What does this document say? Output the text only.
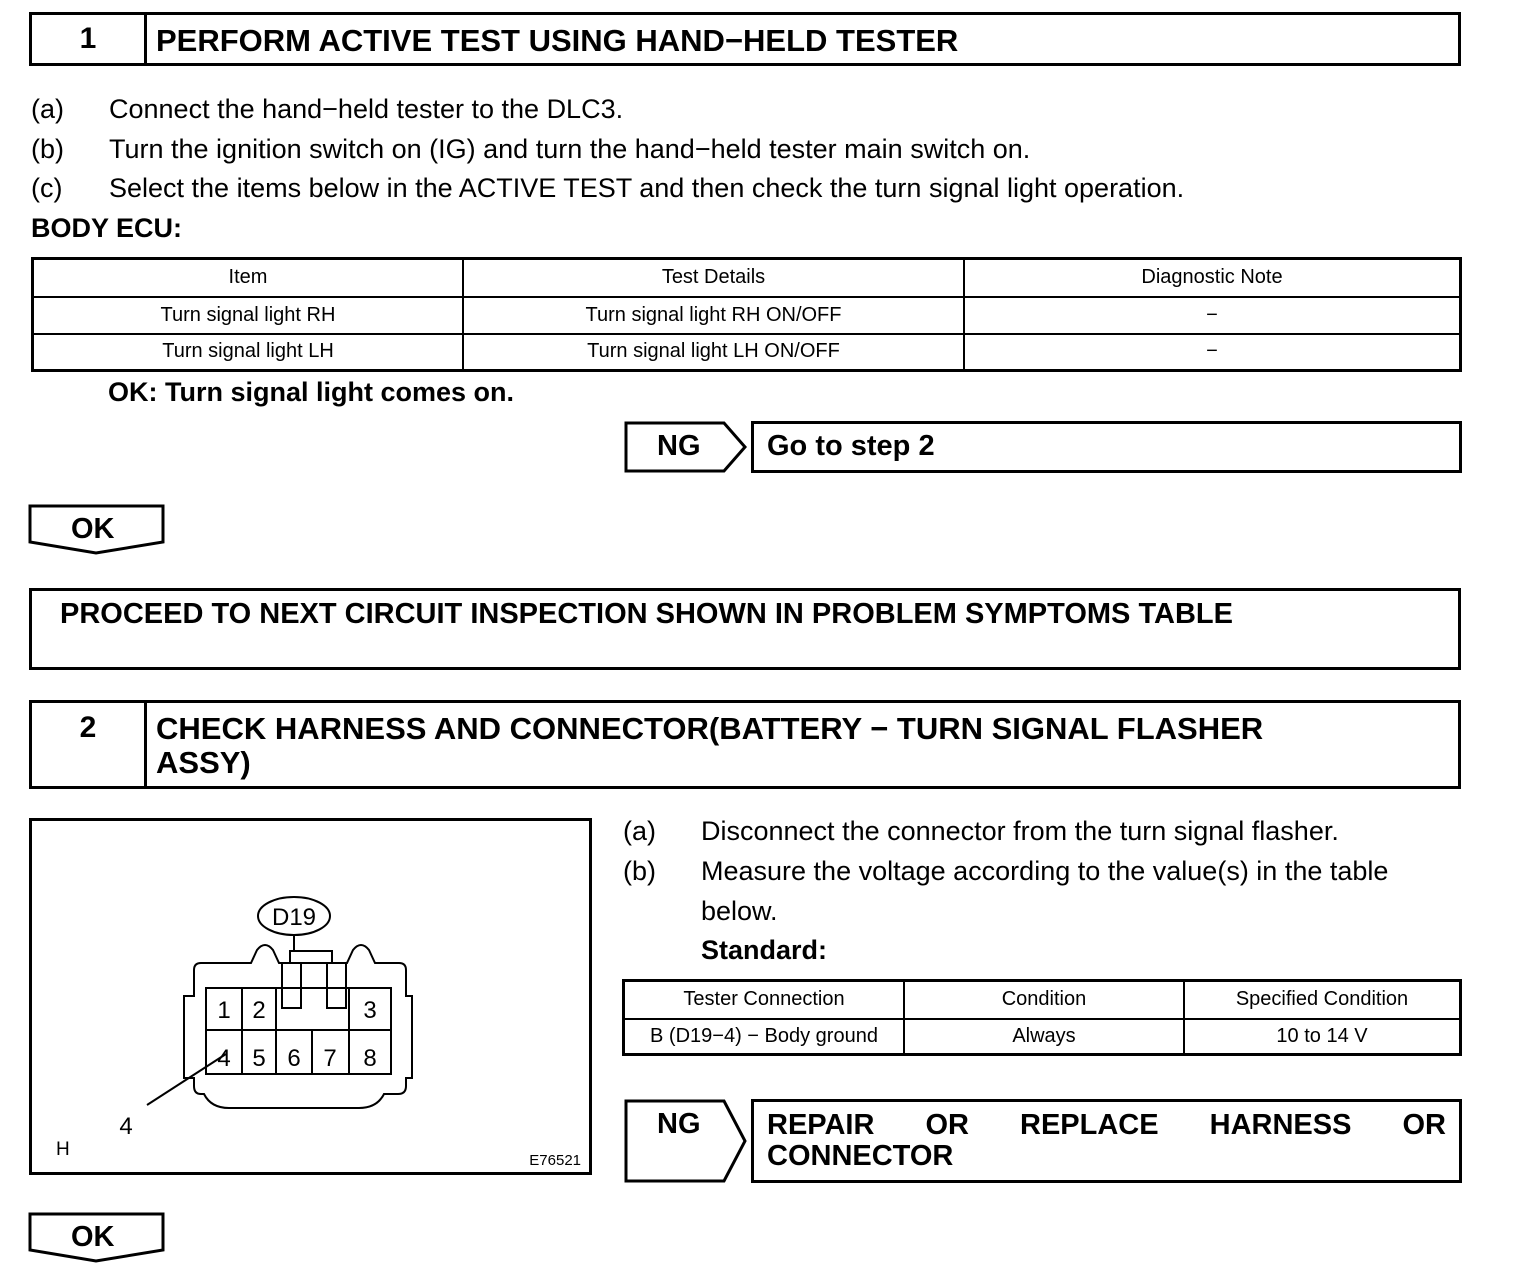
1	PERFORM ACTIVE TEST USING HAND−HELD TESTER
(a) Connect the hand−held tester to the DLC3.
(b) Turn the ignition switch on (IG) and turn the hand−held tester main switch on.
(c) Select the items below in the ACTIVE TEST and then check the turn signal light operation.
BODY ECU:
Item	Test Details	Diagnostic Note
Turn signal light RH	Turn signal light RH ON/OFF	−
Turn signal light LH	Turn signal light LH ON/OFF	−
OK: Turn signal light comes on.
NG Go to step 2
OK
PROCEED TO NEXT CIRCUIT INSPECTION SHOWN IN PROBLEM SYMPTOMS TABLE
2	CHECK HARNESS AND CONNECTOR(BATTERY − TURN SIGNAL FLASHER
ASSY)
D19
1 2	3
4 5 6 7 8
4
H
E76521
(a) Disconnect the connector from the turn signal flasher.
(b) Measure the voltage according to the value(s) in the table
below.
Standard:
Tester Connection	Condition	Specified Condition
B (D19−4) − Body ground	Always	10 to 14 V
NG REPAIR OR REPLACE HARNESS OR
CONNECTOR
OK
